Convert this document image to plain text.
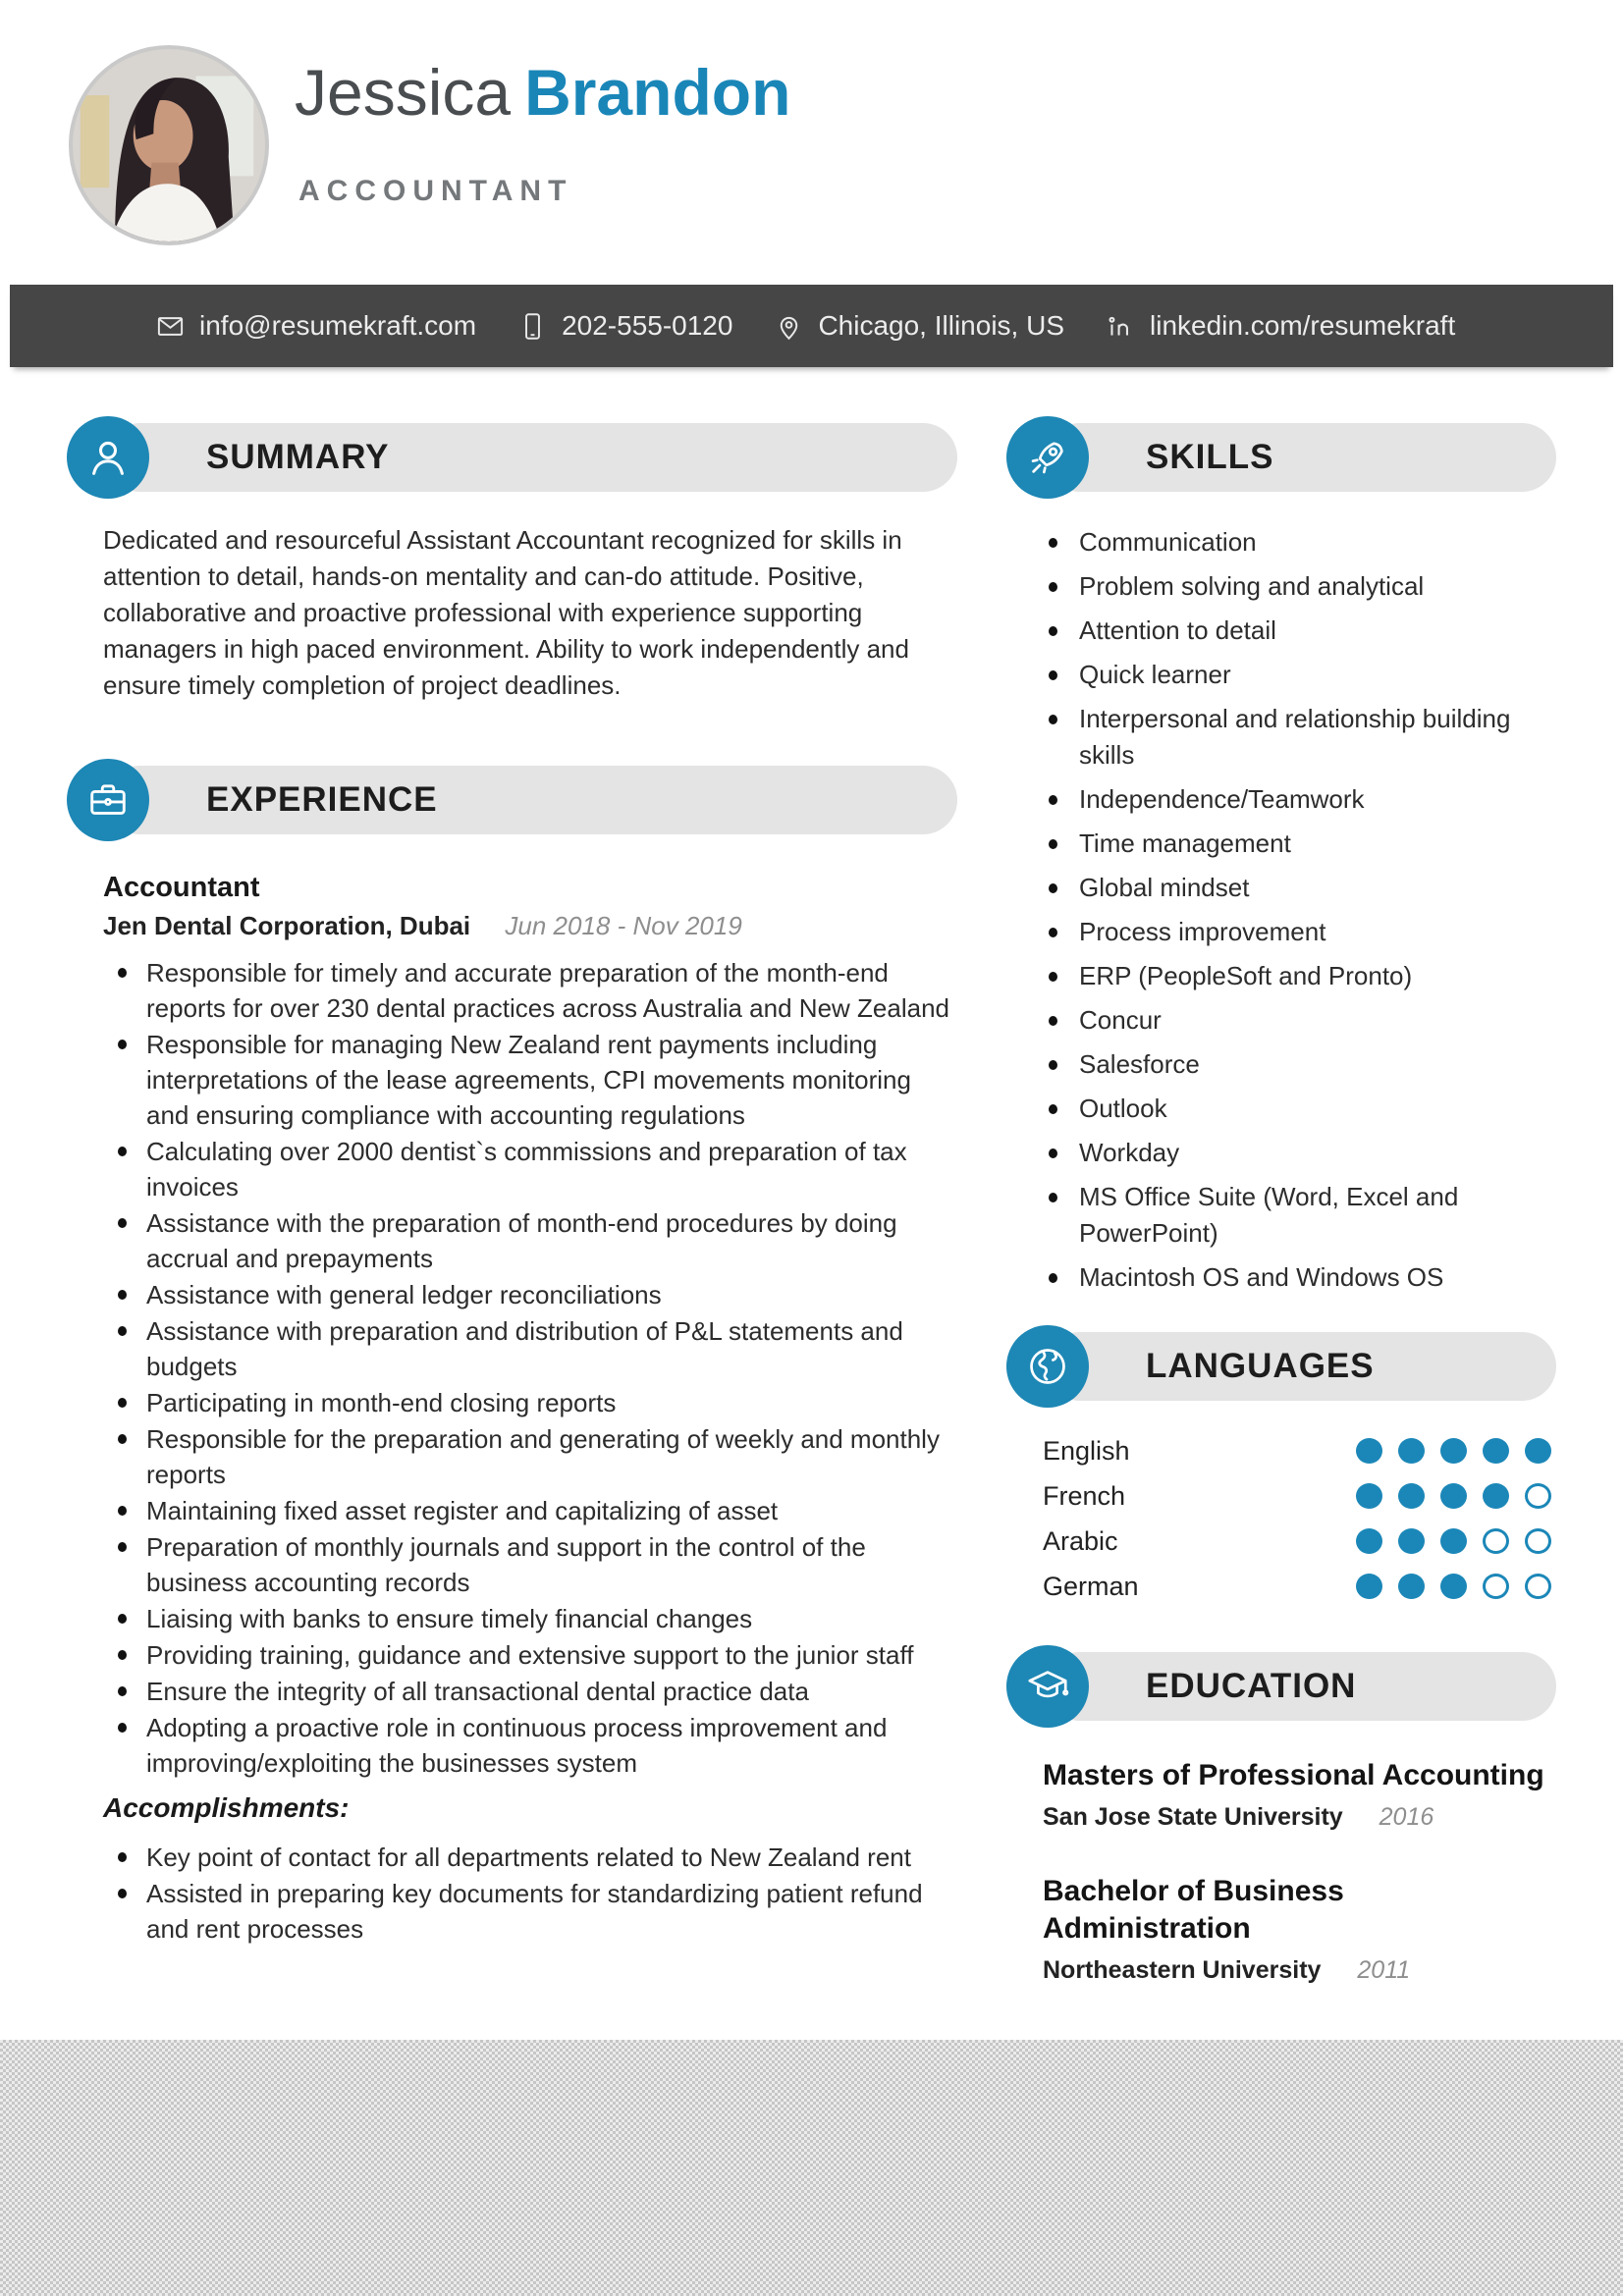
Jessica Brandon
ACCOUNTANT
info@resumekraft.com	202-555-0120	Chicago, Illinois, US	linkedin.com/resumekraft
SUMMARY

Dedicated and resourceful Assistant Accountant recognized for skills in attention to detail, hands-on mentality and can-do attitude. Positive, collaborative and proactive professional with experience supporting managers in high paced environment. Ability to work independently and ensure timely completion of project deadlines.

EXPERIENCE
Accountant
Jen Dental Corporation, Dubai Jun 2018 - Nov 2019
Responsible for timely and accurate preparation of the month-end reports for over 230 dental practices across Australia and New Zealand
Responsible for managing New Zealand rent payments including interpretations of the lease agreements, CPI movements monitoring and ensuring compliance with accounting regulations
Calculating over 2000 dentist`s commissions and preparation of tax invoices
Assistance with the preparation of month-end procedures by doing accrual and prepayments
Assistance with general ledger reconciliations
Assistance with preparation and distribution of P&L statements and budgets
Participating in month-end closing reports
Responsible for the preparation and generating of weekly and monthly reports
Maintaining fixed asset register and capitalizing of asset
Preparation of monthly journals and support in the control of the business accounting records
Liaising with banks to ensure timely financial changes
Providing training, guidance and extensive support to the junior staff
Ensure the integrity of all transactional dental practice data
Adopting a proactive role in continuous process improvement and improving/exploiting the businesses system
Accomplishments:
Key point of contact for all departments related to New Zealand rent
Assisted in preparing key documents for standardizing patient refund and rent processes
SKILLS
Communication
Problem solving and analytical
Attention to detail
Quick learner
Interpersonal and relationship building skills
Independence/Teamwork
Time management
Global mindset
Process improvement
ERP (PeopleSoft and Pronto)
Concur
Salesforce
Outlook
Workday
MS Office Suite (Word, Excel and PowerPoint)
Macintosh OS and Windows OS
LANGUAGES
English
French
Arabic
German
EDUCATION
Masters of Professional Accounting
San Jose State University 2016
Bachelor of Business Administration
Northeastern University 2011
